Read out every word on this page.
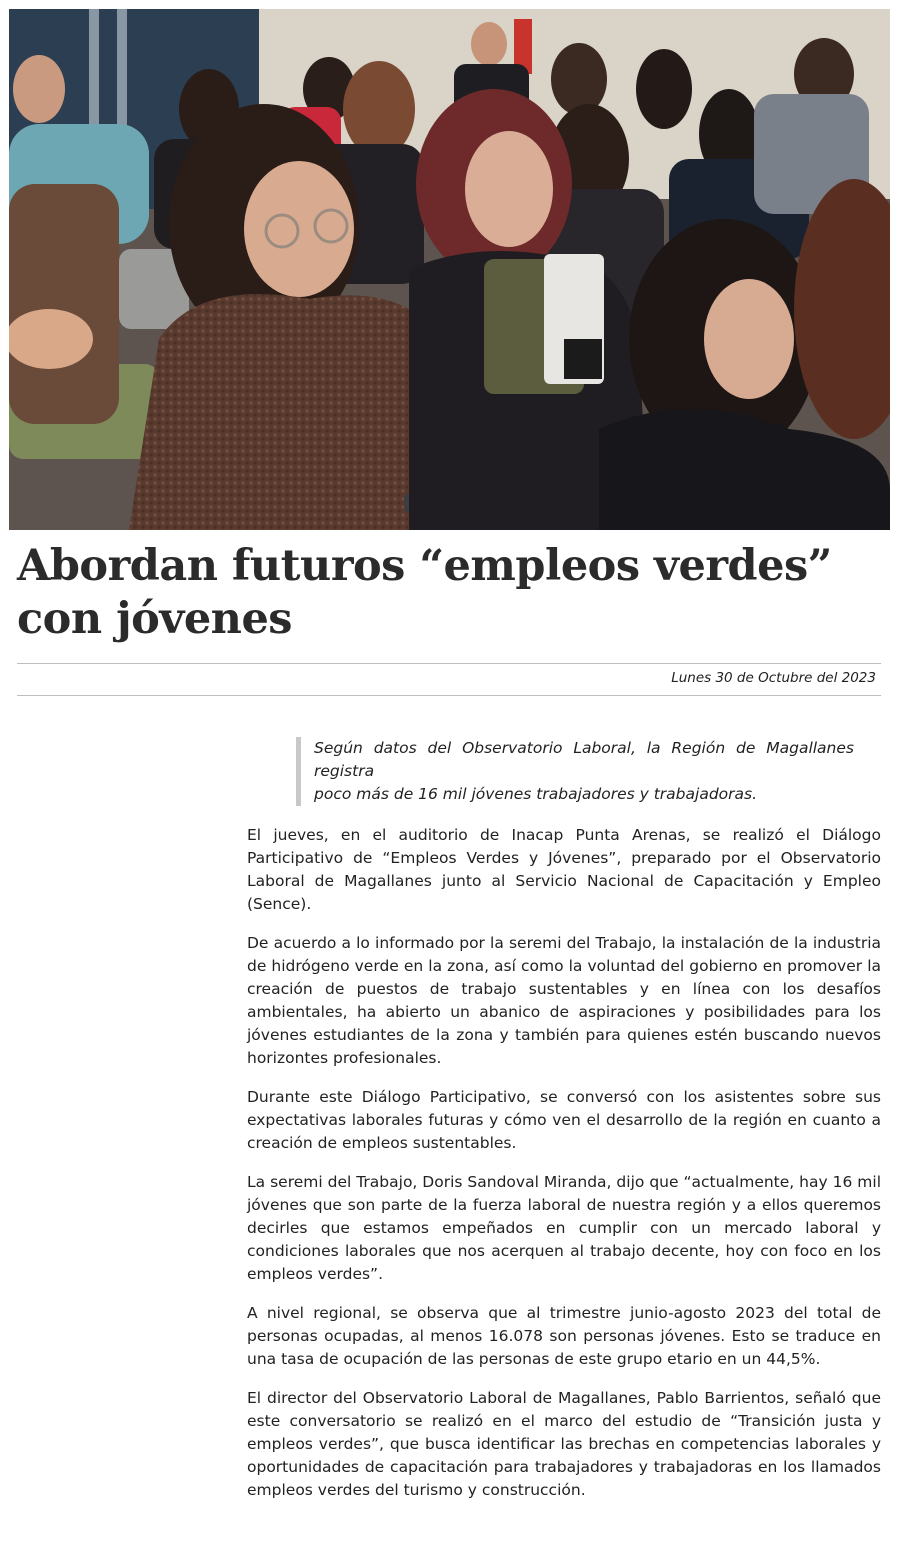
Abordan futuros “empleos verdes” con jóvenes
Lunes 30 de Octubre del 2023
Según datos del Observatorio Laboral, la Región de Magallanes registra
poco más de 16 mil jóvenes trabajadores y trabajadoras.

El jueves, en el auditorio de Inacap Punta Arenas, se realizó el Diálogo Participativo de “Empleos Verdes y Jóvenes”, preparado por el Observatorio Laboral de Magallanes junto al Servicio Nacional de Capacitación y Empleo (Sence).

De acuerdo a lo informado por la seremi del Trabajo, la instalación de la industria de hidrógeno verde en la zona, así como la voluntad del gobierno en promover la creación de puestos de trabajo sustentables y en línea con los desafíos ambientales, ha abierto un abanico de aspiraciones y posibilidades para los jóvenes estudiantes de la zona y también para quienes estén buscando nuevos horizontes profesionales.

Durante este Diálogo Participativo, se conversó con los asistentes sobre sus expectativas laborales futuras y cómo ven el desarrollo de la región en cuanto a creación de empleos sustentables.

La seremi del Trabajo, Doris Sandoval Miranda, dijo que “actualmente, hay 16 mil jóvenes que son parte de la fuerza laboral de nuestra región y a ellos queremos decirles que estamos empeñados en cumplir con un mercado laboral y condiciones laborales que nos acerquen al trabajo decente, hoy con foco en los empleos verdes”.

A nivel regional, se observa que al trimestre junio-agosto 2023 del total de personas ocupadas, al menos 16.078 son personas jóvenes. Esto se traduce en una tasa de ocupación de las personas de este grupo etario en un 44,5%.

El director del Observatorio Laboral de Magallanes, Pablo Barrientos, señaló que este conversatorio se realizó en el marco del estudio de “Transición justa y empleos verdes”, que busca identificar las brechas en competencias laborales y oportunidades de capacitación para trabajadores y trabajadoras en los llamados empleos verdes del turismo y construcción.
